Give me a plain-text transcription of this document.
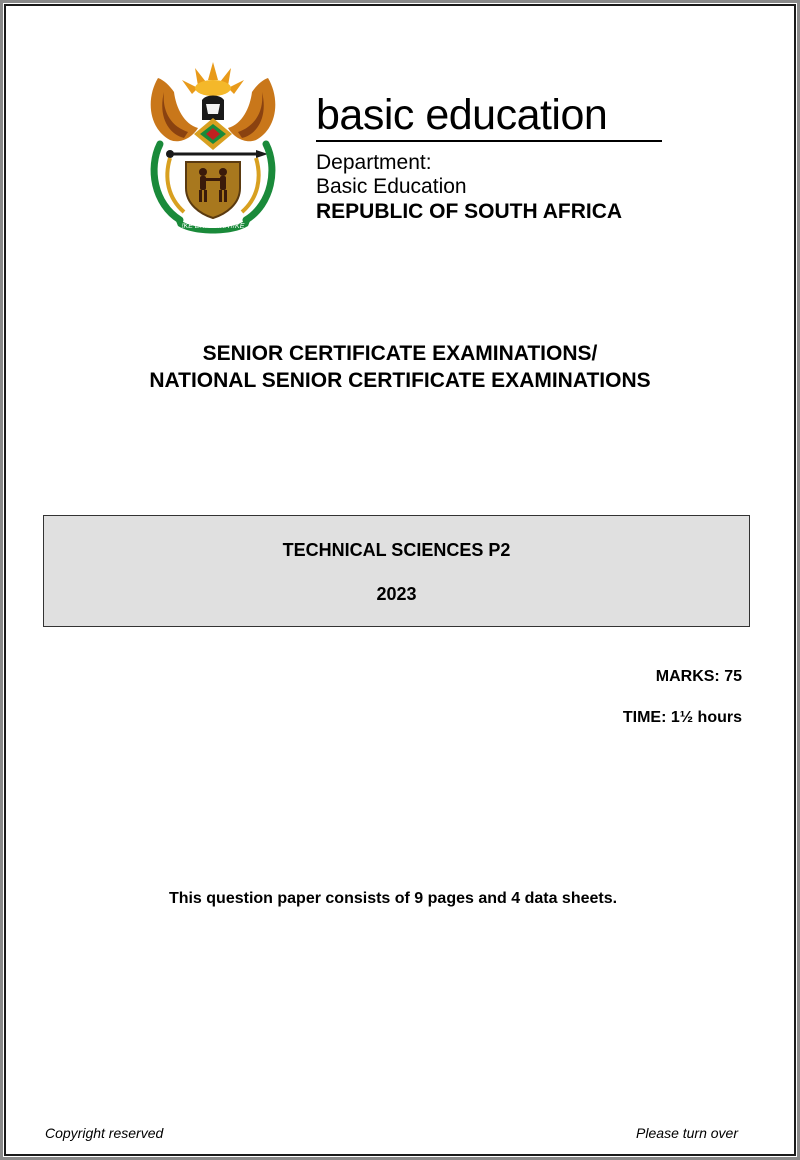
!KE E: /XARRA //KE
basic education
Department:
Basic Education
REPUBLIC OF SOUTH AFRICA
SENIOR CERTIFICATE EXAMINATIONS/
NATIONAL SENIOR CERTIFICATE EXAMINATIONS
TECHNICAL SCIENCES P2
2023
MARKS: 75
TIME: 1½ hours
This question paper consists of 9 pages and 4 data sheets.
Copyright reserved	Please turn over
